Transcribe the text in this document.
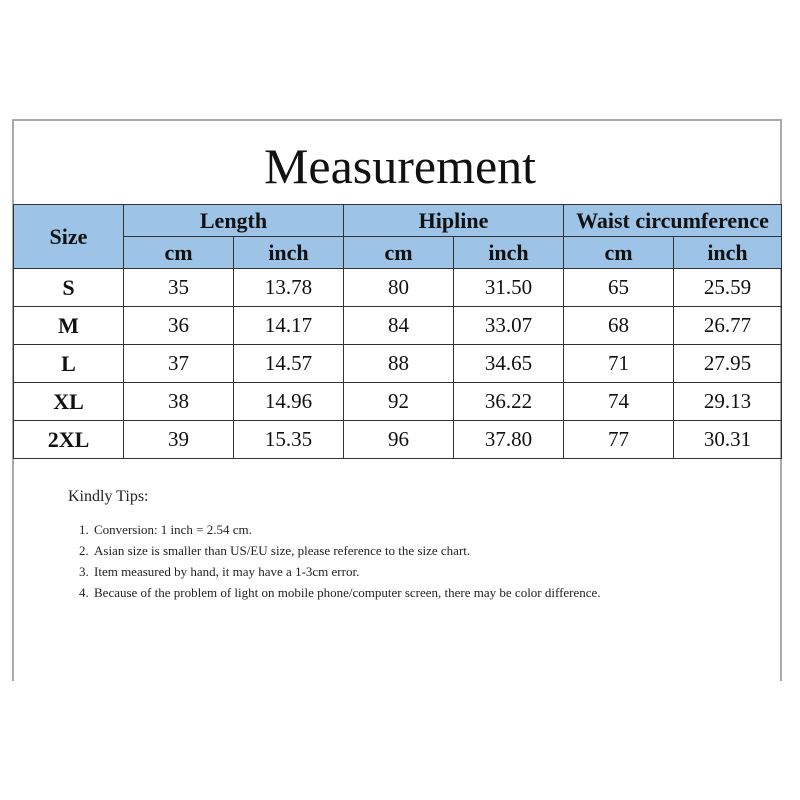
Measurement
Size	Length		Hipline		Waist circumference	
	cm	inch	cm	inch	cm	inch
S	35	13.78	80	31.50	65	25.59
M	36	14.17	84	33.07	68	26.77
L	37	14.57	88	34.65	71	27.95
XL	38	14.96	92	36.22	74	29.13
2XL	39	15.35	96	37.80	77	30.31
Kindly Tips:
1. Conversion: 1 inch = 2.54 cm.
2. Asian size is smaller than US/EU size, please reference to the size chart.
3. Item measured by hand, it may have a 1-3cm error.
4. Because of the problem of light on mobile phone/computer screen, there may be color difference.
